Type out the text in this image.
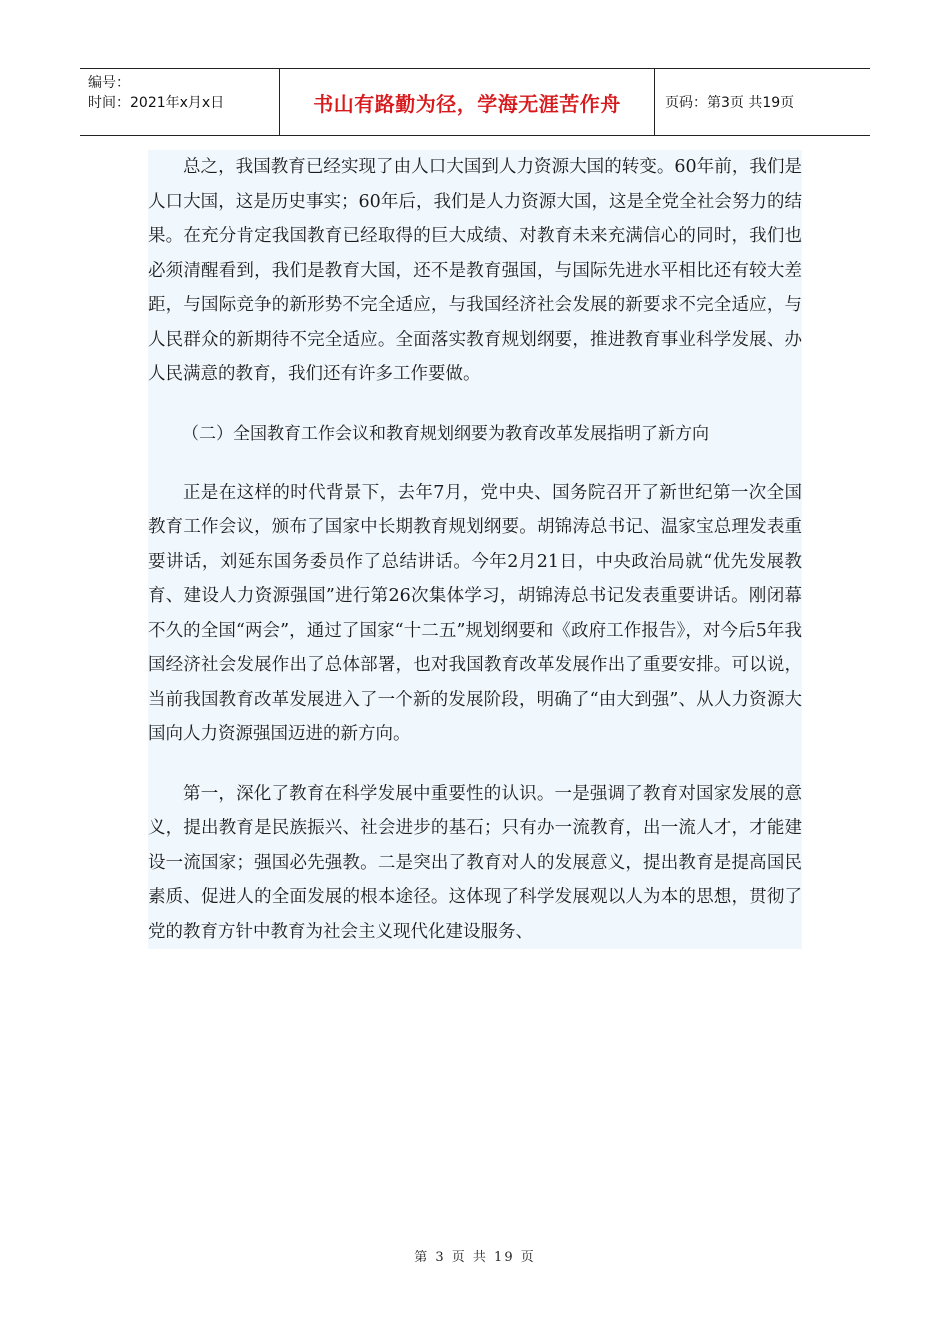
编号：
时间：2021年x月x日	书山有路勤为径，学海无涯苦作舟	页码：第3页 共19页

总之，我国教育已经实现了由人口大国到人力资源大国的转变。60年前，我们是人口大国，这是历史事实；60年后，我们是人力资源大国，这是全党全社会努力的结果。在充分肯定我国教育已经取得的巨大成绩、对教育未来充满信心的同时，我们也必须清醒看到，我们是教育大国，还不是教育强国，与国际先进水平相比还有较大差距，与国际竞争的新形势不完全适应，与我国经济社会发展的新要求不完全适应，与人民群众的新期待不完全适应。全面落实教育规划纲要，推进教育事业科学发展、办人民满意的教育，我们还有许多工作要做。

（二）全国教育工作会议和教育规划纲要为教育改革发展指明了新方向

正是在这样的时代背景下，去年7月，党中央、国务院召开了新世纪第一次全国教育工作会议，颁布了国家中长期教育规划纲要。胡锦涛总书记、温家宝总理发表重要讲话，刘延东国务委员作了总结讲话。今年2月21日，中央政治局就“优先发展教育、建设人力资源强国”进行第26次集体学习，胡锦涛总书记发表重要讲话。刚闭幕不久的全国“两会”，通过了国家“十二五”规划纲要和《政府工作报告》，对今后5年我国经济社会发展作出了总体部署，也对我国教育改革发展作出了重要安排。可以说，当前我国教育改革发展进入了一个新的发展阶段，明确了“由大到强”、从人力资源大国向人力资源强国迈进的新方向。

第一，深化了教育在科学发展中重要性的认识。一是强调了教育对国家发展的意义，提出教育是民族振兴、社会进步的基石；只有办一流教育，出一流人才，才能建设一流国家；强国必先强教。二是突出了教育对人的发展意义，提出教育是提高国民素质、促进人的全面发展的根本途径。这体现了科学发展观以人为本的思想，贯彻了党的教育方针中教育为社会主义现代化建设服务、

第 3 页 共 19 页
